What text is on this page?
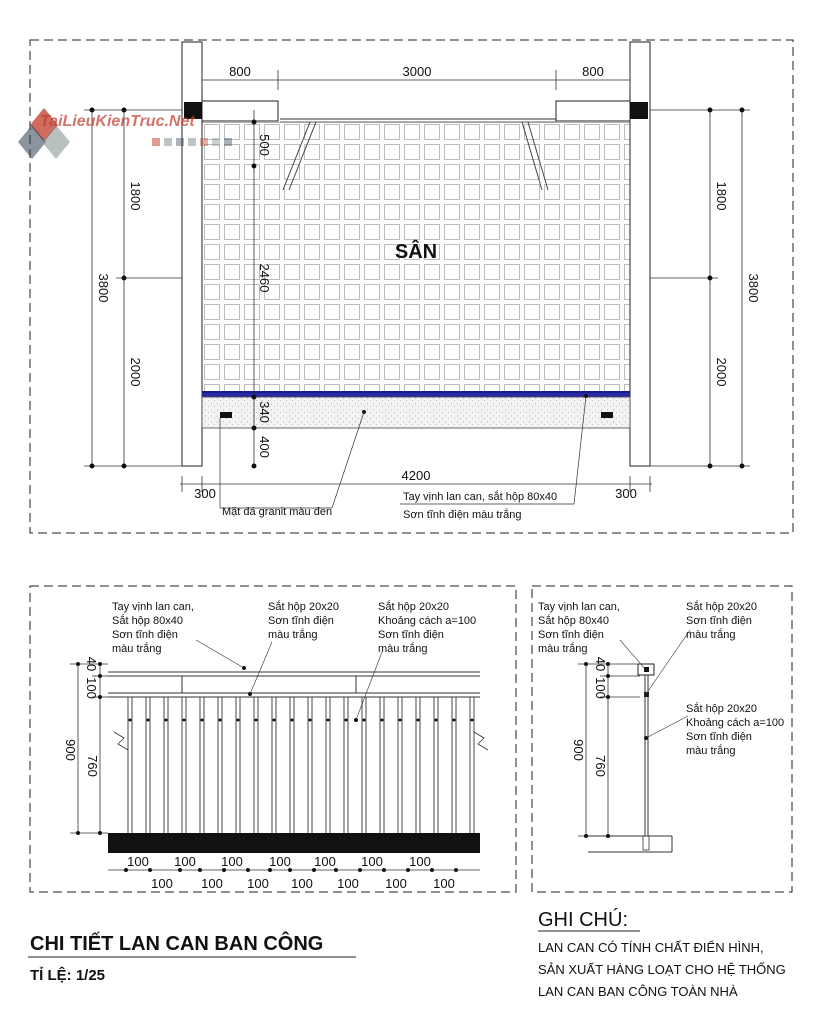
800	3000	800
1800
3800
2000
1800
3800
2000
500
2460
340
400
4200
300	300
SÂN
Mặt đá granit màu đen
Tay vịnh lan can, sắt hộp 80x40
Sơn tĩnh điện màu trắng
TaiLieuKienTruc.Net
40
100
900
760
100 100 100 100 100 100 100
100 100 100 100 100 100 100
Tay vịnh lan can,
Sắt hộp 80x40
Sơn tĩnh điện
màu trắng
Sắt hộp 20x20
Sơn tĩnh điện
màu trắng
Sắt hộp 20x20
Khoảng cách a=100
Sơn tĩnh điện
màu trắng
40
100
900
760
Tay vịnh lan can,
Sắt hộp 80x40
Sơn tĩnh điện
màu trắng
Sắt hộp 20x20
Sơn tĩnh điện
màu trắng
Sắt hộp 20x20
Khoảng cách a=100
Sơn tĩnh điện
màu trắng
CHI TIẾT LAN CAN BAN CÔNG
TỈ LỆ: 1/25
GHI CHÚ:
LAN CAN CÓ TÍNH CHẤT ĐIỂN HÌNH,
SẢN XUẤT HÀNG LOẠT CHO HỆ THỐNG
LAN CAN BAN CÔNG TOÀN NHÀ
